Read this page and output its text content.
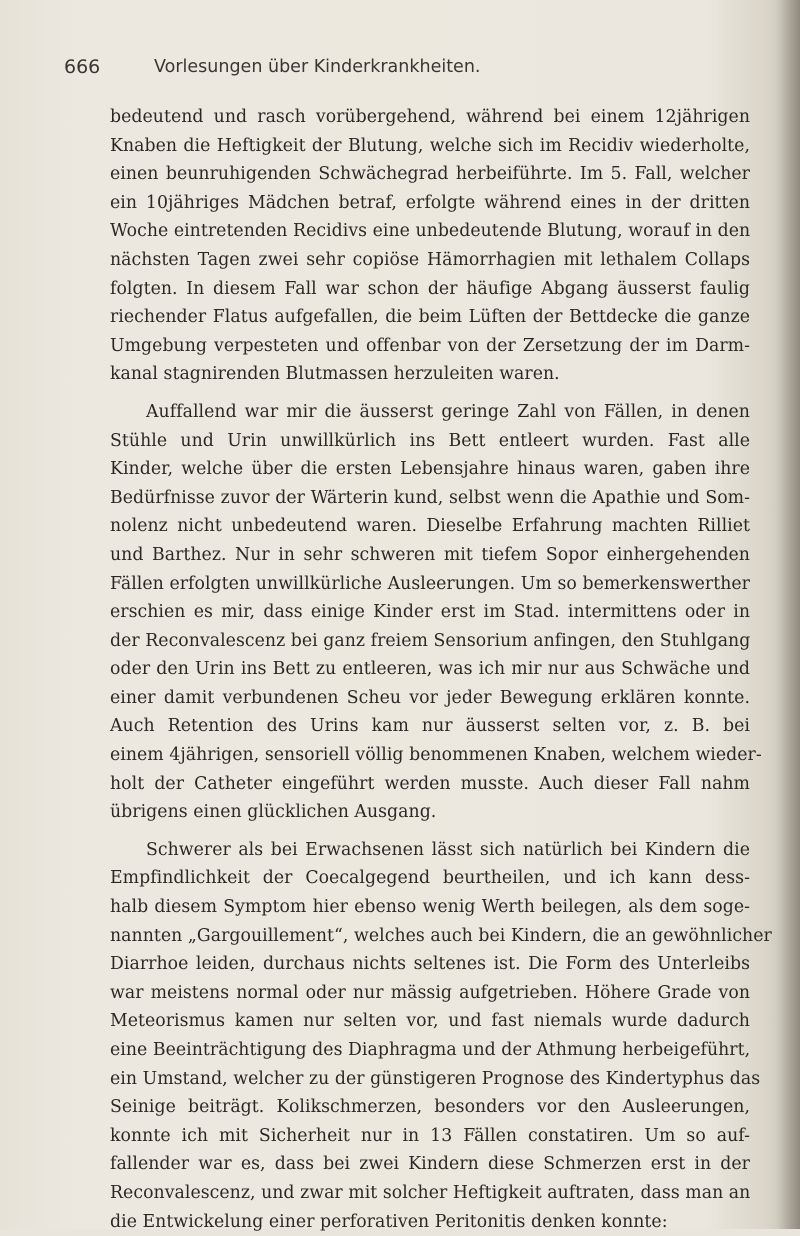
666	Vorlesungen über Kinderkrankheiten.
bedeutend und rasch vorübergehend, während bei einem 12jährigen
Knaben die Heftigkeit der Blutung, welche sich im Recidiv wiederholte,
einen beunruhigenden Schwächegrad herbeiführte. Im 5. Fall, welcher
ein 10jähriges Mädchen betraf, erfolgte während eines in der dritten
Woche eintretenden Recidivs eine unbedeutende Blutung, worauf in den
nächsten Tagen zwei sehr copiöse Hämorrhagien mit lethalem Collaps
folgten. In diesem Fall war schon der häufige Abgang äusserst faulig
riechender Flatus aufgefallen, die beim Lüften der Bettdecke die ganze
Umgebung verpesteten und offenbar von der Zersetzung der im Darm-
kanal stagnirenden Blutmassen herzuleiten waren.
Auffallend war mir die äusserst geringe Zahl von Fällen, in denen
Stühle und Urin unwillkürlich ins Bett entleert wurden. Fast alle
Kinder, welche über die ersten Lebensjahre hinaus waren, gaben ihre
Bedürfnisse zuvor der Wärterin kund, selbst wenn die Apathie und Som-
nolenz nicht unbedeutend waren. Dieselbe Erfahrung machten Rilliet
und Barthez. Nur in sehr schweren mit tiefem Sopor einhergehenden
Fällen erfolgten unwillkürliche Ausleerungen. Um so bemerkenswerther
erschien es mir, dass einige Kinder erst im Stad. intermittens oder in
der Reconvalescenz bei ganz freiem Sensorium anfingen, den Stuhlgang
oder den Urin ins Bett zu entleeren, was ich mir nur aus Schwäche und
einer damit verbundenen Scheu vor jeder Bewegung erklären konnte.
Auch Retention des Urins kam nur äusserst selten vor, z. B. bei
einem 4jährigen, sensoriell völlig benommenen Knaben, welchem wieder-
holt der Catheter eingeführt werden musste. Auch dieser Fall nahm
übrigens einen glücklichen Ausgang.
Schwerer als bei Erwachsenen lässt sich natürlich bei Kindern die
Empfindlichkeit der Coecalgegend beurtheilen, und ich kann dess-
halb diesem Symptom hier ebenso wenig Werth beilegen, als dem soge-
nannten „Gargouillement“, welches auch bei Kindern, die an gewöhnlicher
Diarrhoe leiden, durchaus nichts seltenes ist. Die Form des Unterleibs
war meistens normal oder nur mässig aufgetrieben. Höhere Grade von
Meteorismus kamen nur selten vor, und fast niemals wurde dadurch
eine Beeinträchtigung des Diaphragma und der Athmung herbeigeführt,
ein Umstand, welcher zu der günstigeren Prognose des Kindertyphus das
Seinige beiträgt. Kolikschmerzen, besonders vor den Ausleerungen,
konnte ich mit Sicherheit nur in 13 Fällen constatiren. Um so auf-
fallender war es, dass bei zwei Kindern diese Schmerzen erst in der
Reconvalescenz, und zwar mit solcher Heftigkeit auftraten, dass man an
die Entwickelung einer perforativen Peritonitis denken konnte:
